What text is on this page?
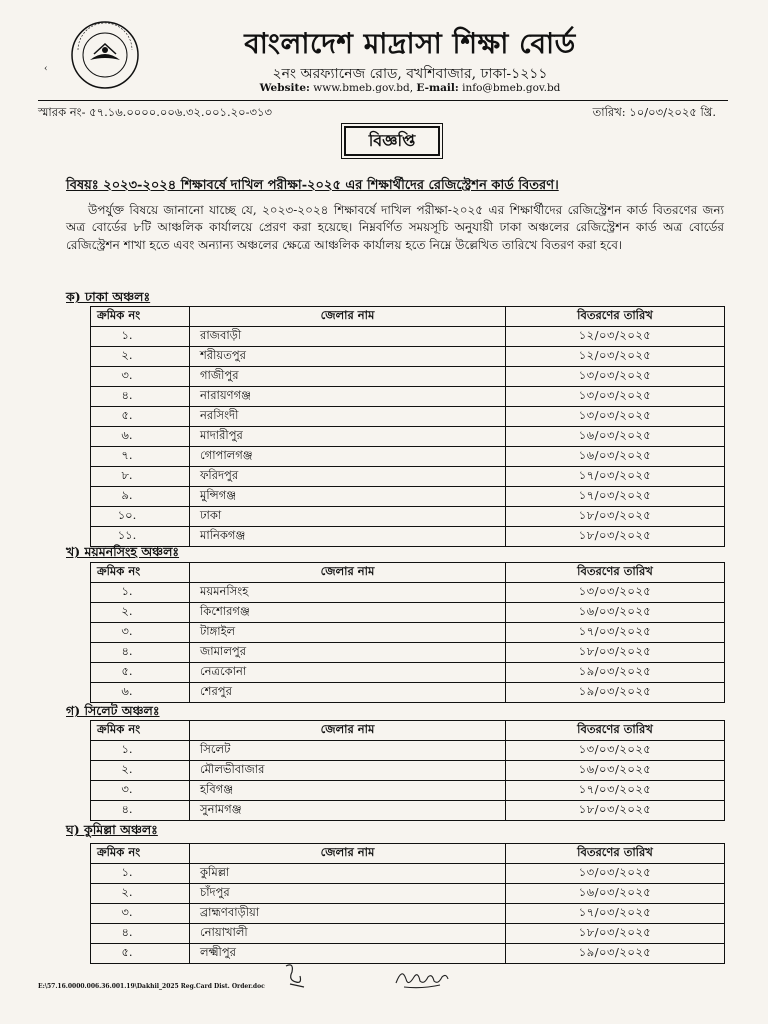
‹
বাংলাদেশ মাদ্রাসা শিক্ষা বোর্ড
২নং অরফ্যানেজ রোড, বখশিবাজার, ঢাকা-১২১১
Website: www.bmeb.gov.bd, E-mail: info@bmeb.gov.bd
স্মারক নং- ৫৭.১৬.০০০০.০০৬.৩২.০০১.২০-৩১৩	তারিখ: ১০/০৩/২০২৫ খ্রি.
বিজ্ঞপ্তি
বিষয়ঃ ২০২৩-২০২৪ শিক্ষাবর্ষে দাখিল পরীক্ষা-২০২৫ এর শিক্ষার্থীদের রেজিস্ট্রেশন কার্ড বিতরণ।
উপর্যুক্ত বিষয়ে জানানো যাচ্ছে যে, ২০২৩-২০২৪ শিক্ষাবর্ষে দাখিল পরীক্ষা-২০২৫ এর শিক্ষার্থীদের রেজিস্ট্রেশন কার্ড বিতরণের জন্য অত্র বোর্ডের ৮টি আঞ্চলিক কার্যালয়ে প্রেরণ করা হয়েছে। নিম্নবর্ণিত সময়সূচি অনুযায়ী ঢাকা অঞ্চলের রেজিস্ট্রেশন কার্ড অত্র বোর্ডের রেজিস্ট্রেশন শাখা হতে এবং অন্যান্য অঞ্চলের ক্ষেত্রে আঞ্চলিক কার্যালয় হতে নিম্নে উল্লেখিত তারিখে বিতরণ করা হবে।
ক) ঢাকা অঞ্চলঃ
ক্রমিক নং	জেলার নাম	বিতরণের তারিখ
১.	রাজবাড়ী	১২/০৩/২০২৫
২.	শরীয়তপুর	১২/০৩/২০২৫
৩.	গাজীপুর	১৩/০৩/২০২৫
৪.	নারায়ণগঞ্জ	১৩/০৩/২০২৫
৫.	নরসিংদী	১৩/০৩/২০২৫
৬.	মাদারীপুর	১৬/০৩/২০২৫
৭.	গোপালগঞ্জ	১৬/০৩/২০২৫
৮.	ফরিদপুর	১৭/০৩/২০২৫
৯.	মুন্সিগঞ্জ	১৭/০৩/২০২৫
১০.	ঢাকা	১৮/০৩/২০২৫
১১.	মানিকগঞ্জ	১৮/০৩/২০২৫
খ) ময়মনসিংহ অঞ্চলঃ
ক্রমিক নং	জেলার নাম	বিতরণের তারিখ
১.	ময়মনসিংহ	১৩/০৩/২০২৫
২.	কিশোরগঞ্জ	১৬/০৩/২০২৫
৩.	টাঙ্গাইল	১৭/০৩/২০২৫
৪.	জামালপুর	১৮/০৩/২০২৫
৫.	নেত্রকোনা	১৯/০৩/২০২৫
৬.	শেরপুর	১৯/০৩/২০২৫
গ) সিলেট অঞ্চলঃ
ক্রমিক নং	জেলার নাম	বিতরণের তারিখ
১.	সিলেট	১৩/০৩/২০২৫
২.	মৌলভীবাজার	১৬/০৩/২০২৫
৩.	হবিগঞ্জ	১৭/০৩/২০২৫
৪.	সুনামগঞ্জ	১৮/০৩/২০২৫
ঘ) কুমিল্লা অঞ্চলঃ
ক্রমিক নং	জেলার নাম	বিতরণের তারিখ
১.	কুমিল্লা	১৩/০৩/২০২৫
২.	চাঁদপুর	১৬/০৩/২০২৫
৩.	ব্রাহ্মণবাড়ীয়া	১৭/০৩/২০২৫
৪.	নোয়াখালী	১৮/০৩/২০২৫
৫.	লক্ষ্মীপুর	১৯/০৩/২০২৫
E:\57.16.0000.006.36.001.19\Dakhil_2025 Reg.Card Dist. Order.doc
